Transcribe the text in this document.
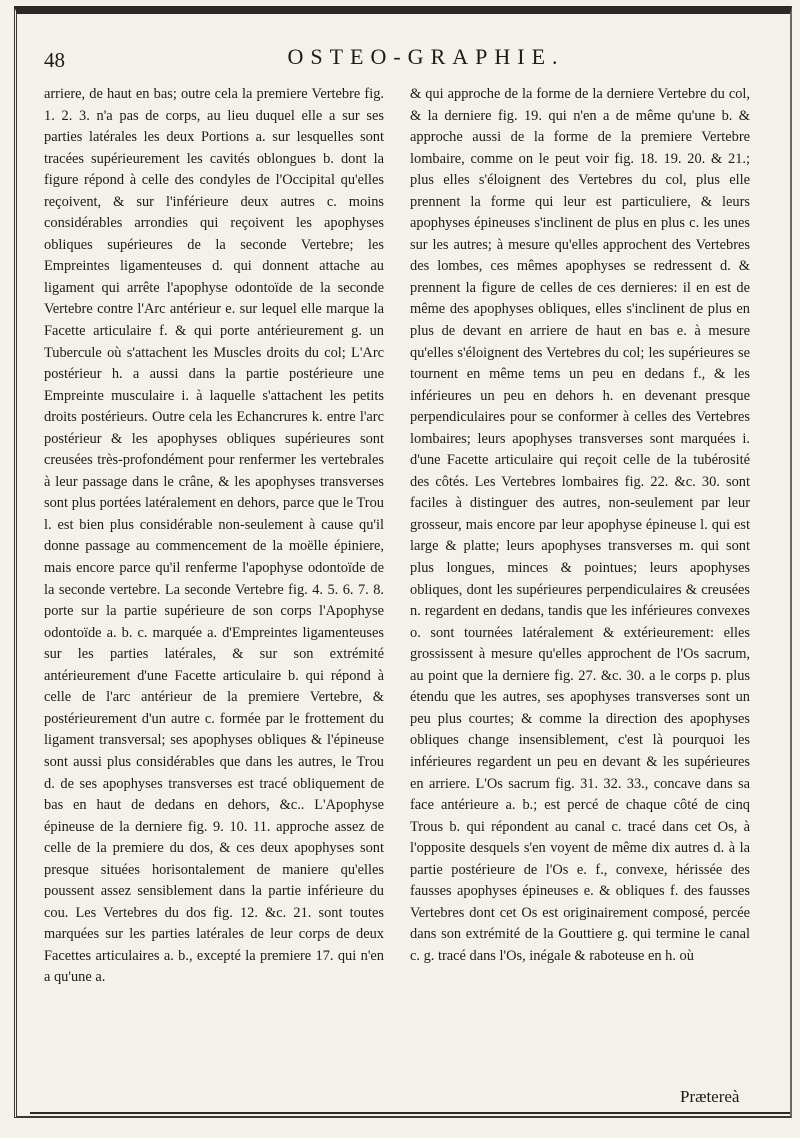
48	OSTEO-GRAPHIE.

arriere, de haut en bas; outre cela la premiere Vertebre fig. 1. 2. 3. n'a pas de corps, au lieu duquel elle a sur ses parties latérales les deux Portions a. sur lesquelles sont tracées supérieurement les cavités oblongues b. dont la figure répond à celle des condyles de l'Occipital qu'elles reçoivent, & sur l'inférieure deux autres c. moins considérables arrondies qui reçoivent les apophyses obliques supérieures de la seconde Vertebre; les Empreintes ligamenteuses d. qui donnent attache au ligament qui arrête l'apophyse odontoïde de la seconde Vertebre contre l'Arc antérieur e. sur lequel elle marque la Facette articulaire f. & qui porte antérieurement g. un Tubercule où s'attachent les Muscles droits du col; L'Arc postérieur h. a aussi dans la partie postérieure une Empreinte musculaire i. à laquelle s'attachent les petits droits postérieurs. Outre cela les Echancrures k. entre l'arc postérieur & les apophyses obliques supérieures sont creusées très-profondément pour renfermer les vertebrales à leur passage dans le crâne, & les apophyses transverses sont plus portées latéralement en dehors, parce que le Trou l. est bien plus considérable non-seulement à cause qu'il donne passage au commencement de la moëlle épiniere, mais encore parce qu'il renferme l'apophyse odontoïde de la seconde vertebre. La seconde Vertebre fig. 4. 5. 6. 7. 8. porte sur la partie supérieure de son corps l'Apophyse odontoïde a. b. c. marquée a. d'Empreintes ligamenteuses sur les parties latérales, & sur son extrémité antérieurement d'une Facette articulaire b. qui répond à celle de l'arc antérieur de la premiere Vertebre, & postérieurement d'un autre c. formée par le frottement du ligament transversal; ses apophyses obliques & l'épineuse sont aussi plus considérables que dans les autres, le Trou d. de ses apophyses transverses est tracé obliquement de bas en haut de dedans en dehors, &c.. L'Apophyse épineuse de la derniere fig. 9. 10. 11. approche assez de celle de la premiere du dos, & ces deux apophyses sont presque situées horisontalement de maniere qu'elles poussent assez sensiblement dans la partie inférieure du cou. Les Vertebres du dos fig. 12. &c. 21. sont toutes marquées sur les parties latérales de leur corps de deux Facettes articulaires a. b., excepté la premiere 17. qui n'en a qu'une a.

& qui approche de la forme de la derniere Vertebre du col, & la derniere fig. 19. qui n'en a de même qu'une b. & approche aussi de la forme de la premiere Vertebre lombaire, comme on le peut voir fig. 18. 19. 20. & 21.; plus elles s'éloignent des Vertebres du col, plus elle prennent la forme qui leur est particuliere, & leurs apophyses épineuses s'inclinent de plus en plus c. les unes sur les autres; à mesure qu'elles approchent des Vertebres des lombes, ces mêmes apophyses se redressent d. & prennent la figure de celles de ces dernieres: il en est de même des apophyses obliques, elles s'inclinent de plus en plus de devant en arriere de haut en bas e. à mesure qu'elles s'éloignent des Vertebres du col; les supérieures se tournent en même tems un peu en dedans f., & les inférieures un peu en dehors h. en devenant presque perpendiculaires pour se conformer à celles des Vertebres lombaires; leurs apophyses transverses sont marquées i. d'une Facette articulaire qui reçoit celle de la tubérosité des côtés. Les Vertebres lombaires fig. 22. &c. 30. sont faciles à distinguer des autres, non-seulement par leur grosseur, mais encore par leur apophyse épineuse l. qui est large & platte; leurs apophyses transverses m. qui sont plus longues, minces & pointues; leurs apophyses obliques, dont les supérieures perpendiculaires & creusées n. regardent en dedans, tandis que les inférieures convexes o. sont tournées latéralement & extérieurement: elles grossissent à mesure qu'elles approchent de l'Os sacrum, au point que la derniere fig. 27. &c. 30. a le corps p. plus étendu que les autres, ses apophyses transverses sont un peu plus courtes; & comme la direction des apophyses obliques change insensiblement, c'est là pourquoi les inférieures regardent un peu en devant & les supérieures en arriere. L'Os sacrum fig. 31. 32. 33., concave dans sa face antérieure a. b.; est percé de chaque côté de cinq Trous b. qui répondent au canal c. tracé dans cet Os, à l'opposite desquels s'en voyent de même dix autres d. à la partie postérieure de l'Os e. f., convexe, hérissée des fausses apophyses épineuses e. & obliques f. des fausses Vertebres dont cet Os est originairement composé, percée dans son extrémité de la Gouttiere g. qui termine le canal c. g. tracé dans l'Os, inégale & raboteuse en h. où

Prætereà
